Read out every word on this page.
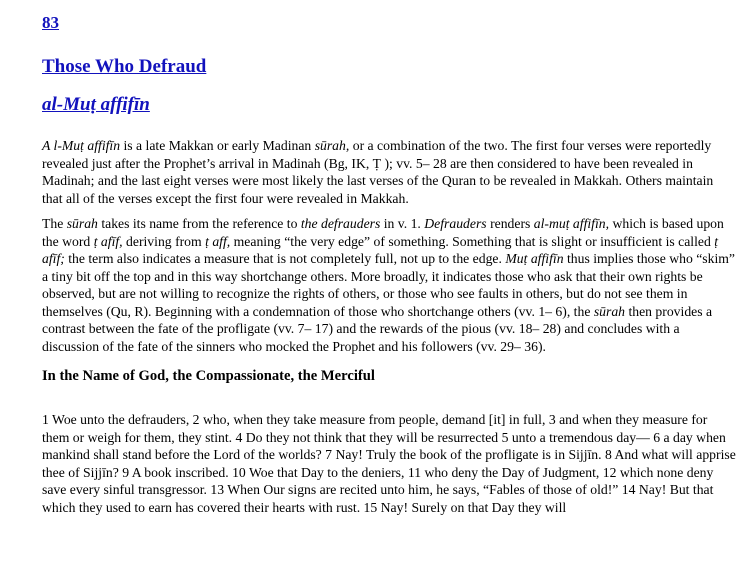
83
Those Who Defraud
al-Muṭ affifīn

A l-Muṭ affifīn is a late Makkan or early Madinan sūrah, or a combination of the two. The first four verses were reportedly revealed just after the Prophet’s arrival in Madinah (Bg, IK, Ṭ ); vv. 5– 28 are then considered to have been revealed in Madinah; and the last eight verses were most likely the last verses of the Quran to be revealed in Makkah. Others maintain that all of the verses except the first four were revealed in Makkah.

The sūrah takes its name from the reference to the defrauders in v. 1. Defrauders renders al-muṭ affifīn, which is based upon the word ṭ afīf, deriving from ṭ aff, meaning “the very edge” of something. Something that is slight or insufficient is called ṭ afīf; the term also indicates a measure that is not completely full, not up to the edge. Muṭ affifīn thus implies those who “skim” a tiny bit off the top and in this way shortchange others. More broadly, it indicates those who ask that their own rights be observed, but are not willing to recognize the rights of others, or those who see faults in others, but do not see them in themselves (Qu, R). Beginning with a condemnation of those who shortchange others (vv. 1– 6), the sūrah then provides a contrast between the fate of the profligate (vv. 7– 17) and the rewards of the pious (vv. 18– 28) and concludes with a discussion of the fate of the sinners who mocked the Prophet and his followers (vv. 29– 36).

In the Name of God, the Compassionate, the Merciful

1 Woe unto the defrauders, 2 who, when they take measure from people, demand [it] in full, 3 and when they measure for them or weigh for them, they stint. 4 Do they not think that they will be resurrected 5 unto a tremendous day— 6 a day when mankind shall stand before the Lord of the worlds? 7 Nay! Truly the book of the profligate is in Sijjīn. 8 And what will apprise thee of Sijjīn? 9 A book inscribed. 10 Woe that Day to the deniers, 11 who deny the Day of Judgment, 12 which none deny save every sinful transgressor. 13 When Our signs are recited unto him, he says, “Fables of those of old!” 14 Nay! But that which they used to earn has covered their hearts with rust. 15 Nay! Surely on that Day they will
